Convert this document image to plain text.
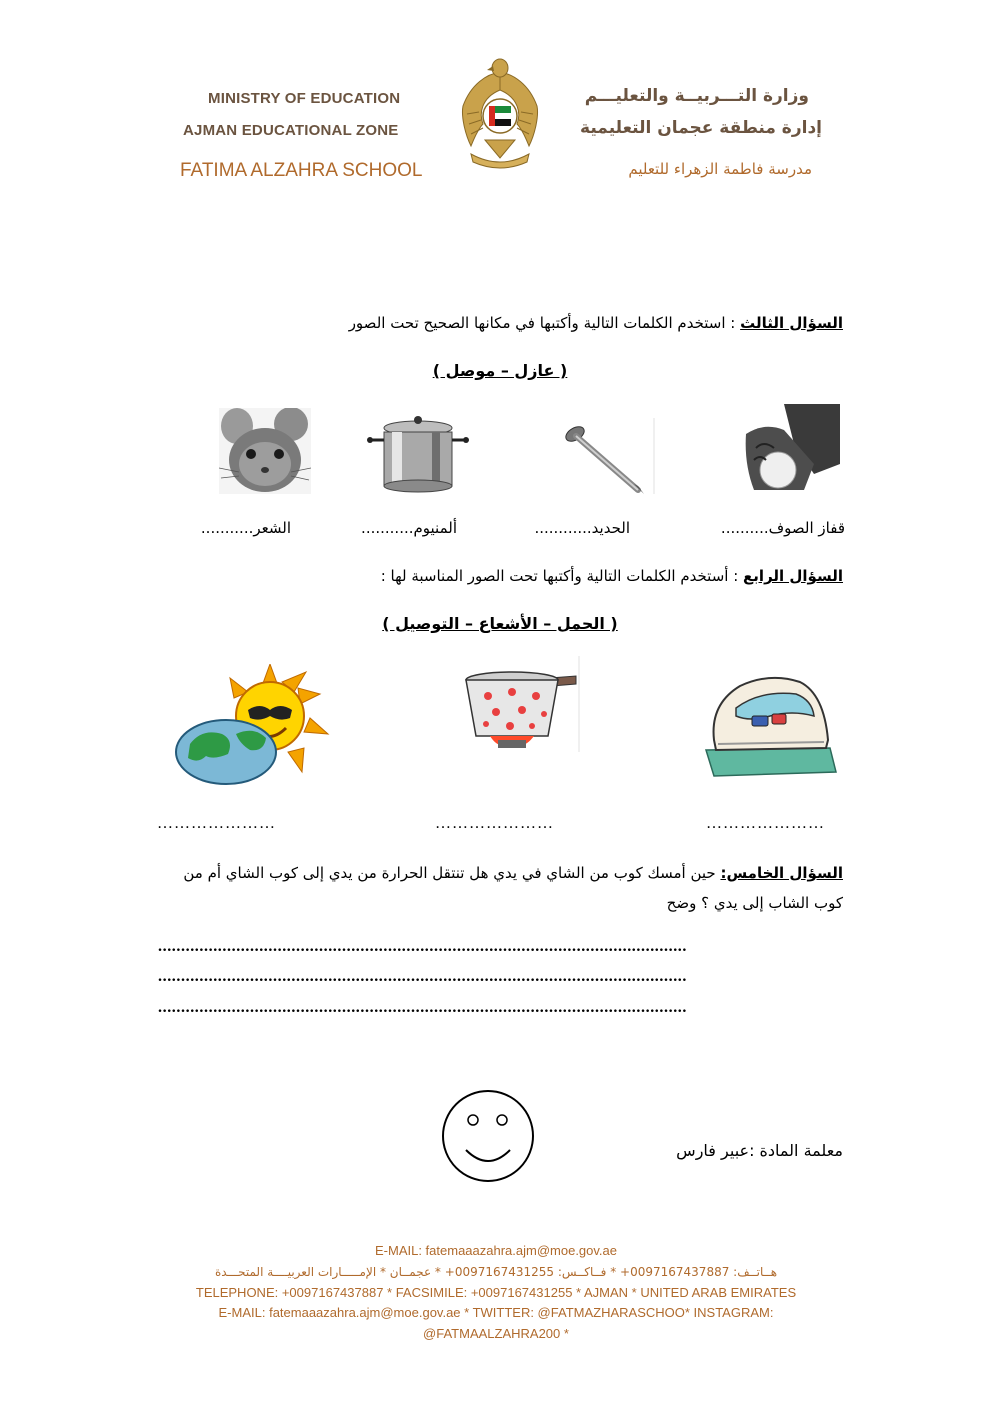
MINISTRY OF EDUCATION
AJMAN EDUCATIONAL ZONE
FATIMA ALZAHRA SCHOOL
وزارة التـــربيــة والتعليـــم
إدارة منطقة عجمان التعليمية
مدرسة فاطمة الزهراء للتعليم
السؤال الثالث : استخدم الكلمات التالية وأكتبها في مكانها الصحيح تحت الصور
( عازل – موصل )
قفاز الصوف..........
الحديد............
ألمنيوم...........
الشعر...........
السؤال الرابع : أستخدم الكلمات التالية وأكتبها تحت الصور المناسبة لها :
( الحمل – الأشعاع – التوصيل )
…………………	…………………	…………………
السؤال الخامس: حين أمسك كوب من الشاي في يدي هل تنتقل الحرارة من يدي إلى كوب الشاي أم من كوب الشاب إلى يدي ؟ وضح
...................................................................................................................
...................................................................................................................
...................................................................................................................
معلمة المادة :عبير فارس
E-MAIL: fatemaaazahra.ajm@moe.gov.ae
هــاتــف: 0097167437887+ * فــاكــس: 0097167431255+ * عجمــان * الإمـــــارات العربيــــة المتحـــدة
TELEPHONE: +0097167437887 * FACSIMILE: +0097167431255 * AJMAN * UNITED ARAB EMIRATES
E-MAIL: fatemaaazahra.ajm@moe.gov.ae * TWITTER: @FATMAZHARASCHOO* INSTAGRAM:
@FATMAALZAHRA200 *
